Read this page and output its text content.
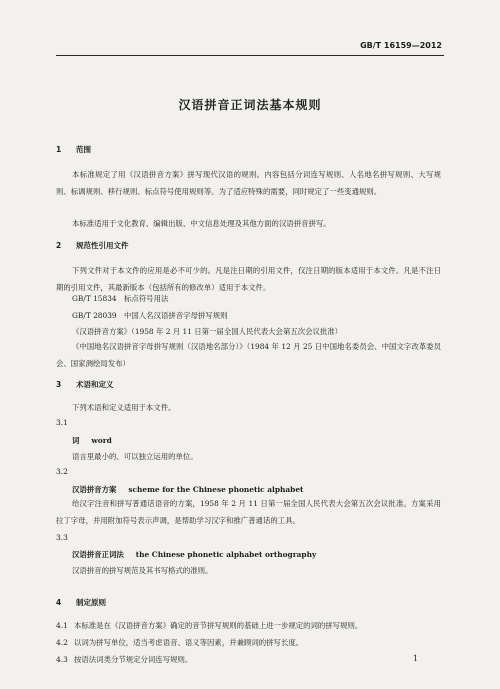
GB/T 16159—2012
汉语拼音正词法基本规则
1 范围
本标准规定了用《汉语拼音方案》拼写现代汉语的规则。内容包括分词连写规则、人名地名拼写规则、大写规则、标调规则、移行规则、标点符号使用规则等。为了适应特殊的需要，同时规定了一些变通规则。
本标准适用于文化教育、编辑出版、中文信息处理及其他方面的汉语拼音拼写。
2 规范性引用文件
下列文件对于本文件的应用是必不可少的。凡是注日期的引用文件，仅注日期的版本适用于本文件。凡是不注日期的引用文件，其最新版本（包括所有的修改单）适用于本文件。
GB/T 15834　标点符号用法
GB/T 28039　中国人名汉语拼音字母拼写规则
《汉语拼音方案》（1958 年 2 月 11 日第一届全国人民代表大会第五次会议批准）
《中国地名汉语拼音字母拼写规则（汉语地名部分）》（1984 年 12 月 25 日中国地名委员会、中国文字改革委员会、国家测绘局发布）
3 术语和定义
下列术语和定义适用于本文件。
3.1
词 word
语言里最小的、可以独立运用的单位。
3.2
汉语拼音方案 scheme for the Chinese phonetic alphabet
给汉字注音和拼写普通话语音的方案，1958 年 2 月 11 日第一届全国人民代表大会第五次会议批准。方案采用拉丁字母，并用附加符号表示声调，是帮助学习汉字和推广普通话的工具。
3.3
汉语拼音正词法 the Chinese phonetic alphabet orthography
汉语拼音的拼写规范及其书写格式的准则。
4 制定原则
4.1 本标准是在《汉语拼音方案》确定的音节拼写规则的基础上进一步规定的词的拼写规则。
4.2 以词为拼写单位，适当考虑语音、语义等因素，并兼顾词的拼写长度。
4.3 按语法词类分节规定分词连写规则。	1
